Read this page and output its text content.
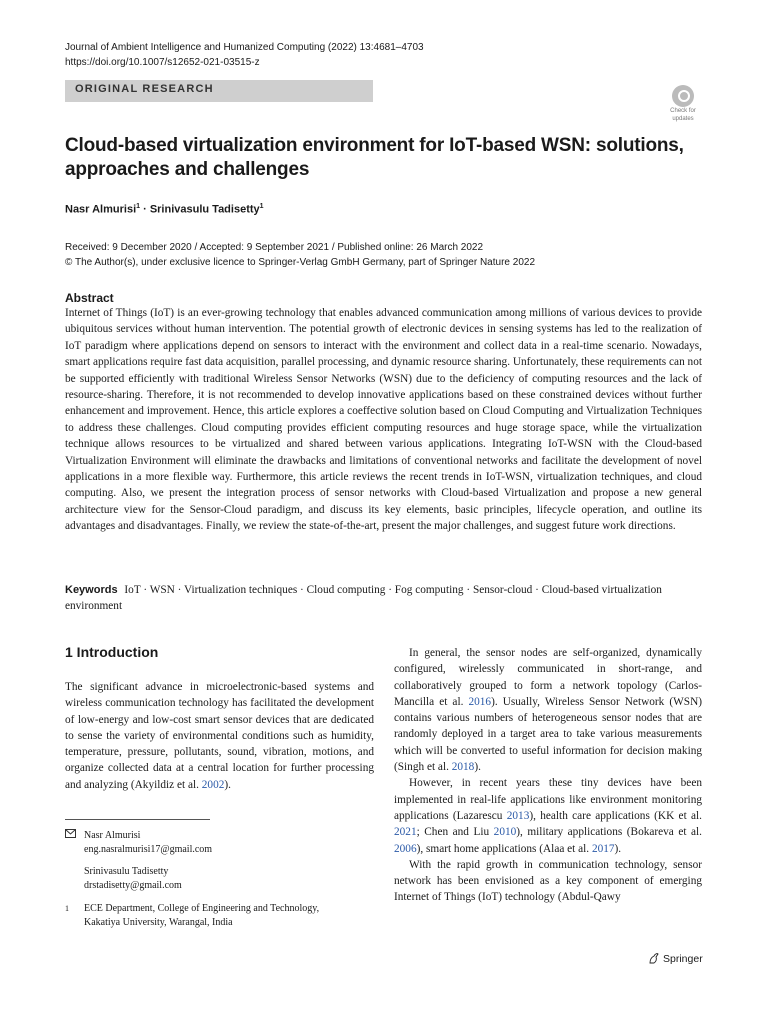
Journal of Ambient Intelligence and Humanized Computing (2022) 13:4681–4703
https://doi.org/10.1007/s12652-021-03515-z
ORIGINAL RESEARCH
Check for
updates
Cloud-based virtualization environment for IoT-based WSN: solutions, approaches and challenges
Nasr Almurisi$^1$ · Srinivasulu Tadisetty$^1$
Received: 9 December 2020 / Accepted: 9 September 2021 / Published online: 26 March 2022
© The Author(s), under exclusive licence to Springer-Verlag GmbH Germany, part of Springer Nature 2022
Abstract
Internet of Things (IoT) is an ever-growing technology that enables advanced communication among millions of various devices to provide ubiquitous services without human intervention. The potential growth of electronic devices in sensing systems has led to the realization of IoT paradigm where applications depend on sensors to interact with the environment and collect data in a real-time scenario. Nowadays, smart applications require fast data acquisition, parallel processing, and dynamic resource sharing. Unfortunately, these requirements can not be supported efficiently with traditional Wireless Sensor Networks (WSN) due to the deficiency of computing resources and the lack of resource-sharing. Therefore, it is not recommended to develop innovative applications based on these constrained devices without further enhancement and improvement. Hence, this article explores a coeffective solution based on Cloud Computing and Virtualization Techniques to address these challenges. Cloud computing provides efficient computing resources and huge storage space, while the virtualization technique allows resources to be virtualized and shared between various applications. Integrating IoT-WSN with the Cloud-based Virtualization Environment will eliminate the drawbacks and limitations of conventional networks and facilitate the development of novel applications in a more flexible way. Furthermore, this article reviews the recent trends in IoT-WSN, virtualization techniques, and cloud computing. Also, we present the integration process of sensor networks with Cloud-based Virtualization and propose a new general architecture view for the Sensor-Cloud paradigm, and discuss its key elements, basic principles, lifecycle operation, and outline its advantages and disadvantages. Finally, we review the state-of-the-art, present the major challenges, and suggest future work directions.
Keywords IoT · WSN · Virtualization techniques · Cloud computing · Fog computing · Sensor-cloud · Cloud-based virtualization environment
1 Introduction

The significant advance in microelectronic-based systems and wireless communication technology has facilitated the development of low-energy and low-cost smart sensor devices that are dedicated to sense the variety of environmental conditions such as humidity, temperature, pressure, pollutants, sound, vibration, motions, and organize collected data at a central location for further processing and analyzing (Akyildiz et al. 2002).

In general, the sensor nodes are self-organized, dynamically configured, wirelessly communicated in short-range, and collaboratively grouped to form a network topology (Carlos-Mancilla et al. 2016). Usually, Wireless Sensor Network (WSN) contains various numbers of heterogeneous sensor nodes that are randomly deployed in a target area to take various measurements which will be converted to useful information for decision making (Singh et al. 2018).

However, in recent years these tiny devices have been implemented in real-life applications like environment monitoring applications (Lazarescu 2013), health care applications (KK et al. 2021; Chen and Liu 2010), military applications (Bokareva et al. 2006), smart home applications (Alaa et al. 2017).

With the rapid growth in communication technology, sensor network has been envisioned as a key component of emerging Internet of Things (IoT) technology (Abdul-Qawy

Nasr Almurisi
eng.nasralmurisi17@gmail.com
Srinivasulu Tadisetty
drstadisetty@gmail.com
1 ECE Department, College of Engineering and Technology,
Kakatiya University, Warangal, India
Springer
